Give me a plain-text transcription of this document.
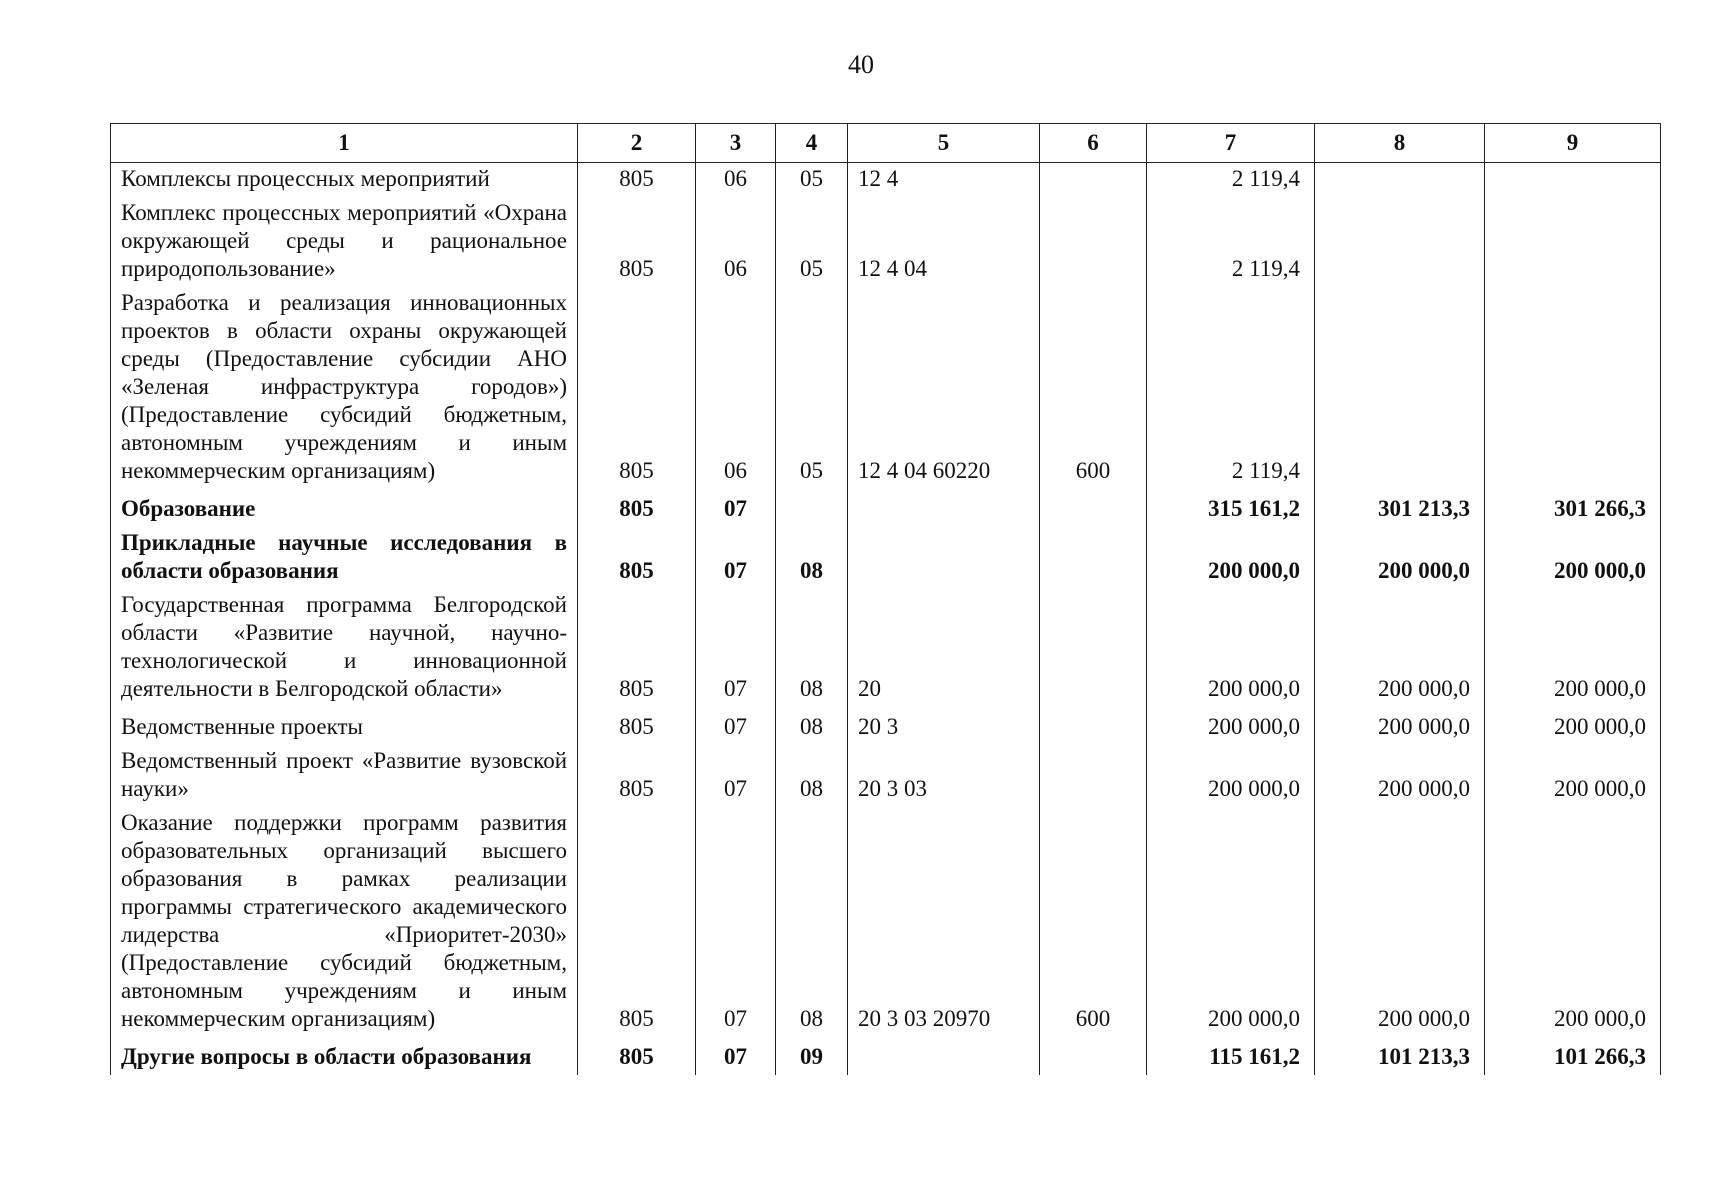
40
1	2	3	4	5	6	7	8	9
Комплексы процессных мероприятий	805	06	05	12 4		2 119,4		
Комплекс процессных мероприятий «Охрана окружающей среды и рациональное природопользование»	805	06	05	12 4 04		2 119,4		
Разработка и реализация инновационных проектов в области охраны окружающей среды (Предоставление субсидии АНО «Зеленая инфраструктура городов») (Предоставление субсидий бюджетным, автономным учреждениям и иным некоммерческим организациям)	805	06	05	12 4 04 60220	600	2 119,4		
Образование	805	07				315 161,2	301 213,3	301 266,3
Прикладные научные исследования в области образования	805	07	08			200 000,0	200 000,0	200 000,0
Государственная программа Белгородской области «Развитие научной, научно-технологической и инновационной деятельности в Белгородской области»	805	07	08	20		200 000,0	200 000,0	200 000,0
Ведомственные проекты	805	07	08	20 3		200 000,0	200 000,0	200 000,0
Ведомственный проект «Развитие вузовской науки»	805	07	08	20 3 03		200 000,0	200 000,0	200 000,0
Оказание поддержки программ развития образовательных организаций высшего образования в рамках реализации программы стратегического академического лидерства «Приоритет-2030» (Предоставление субсидий бюджетным, автономным учреждениям и иным некоммерческим организациям)	805	07	08	20 3 03 20970	600	200 000,0	200 000,0	200 000,0
Другие вопросы в области образования	805	07	09			115 161,2	101 213,3	101 266,3
